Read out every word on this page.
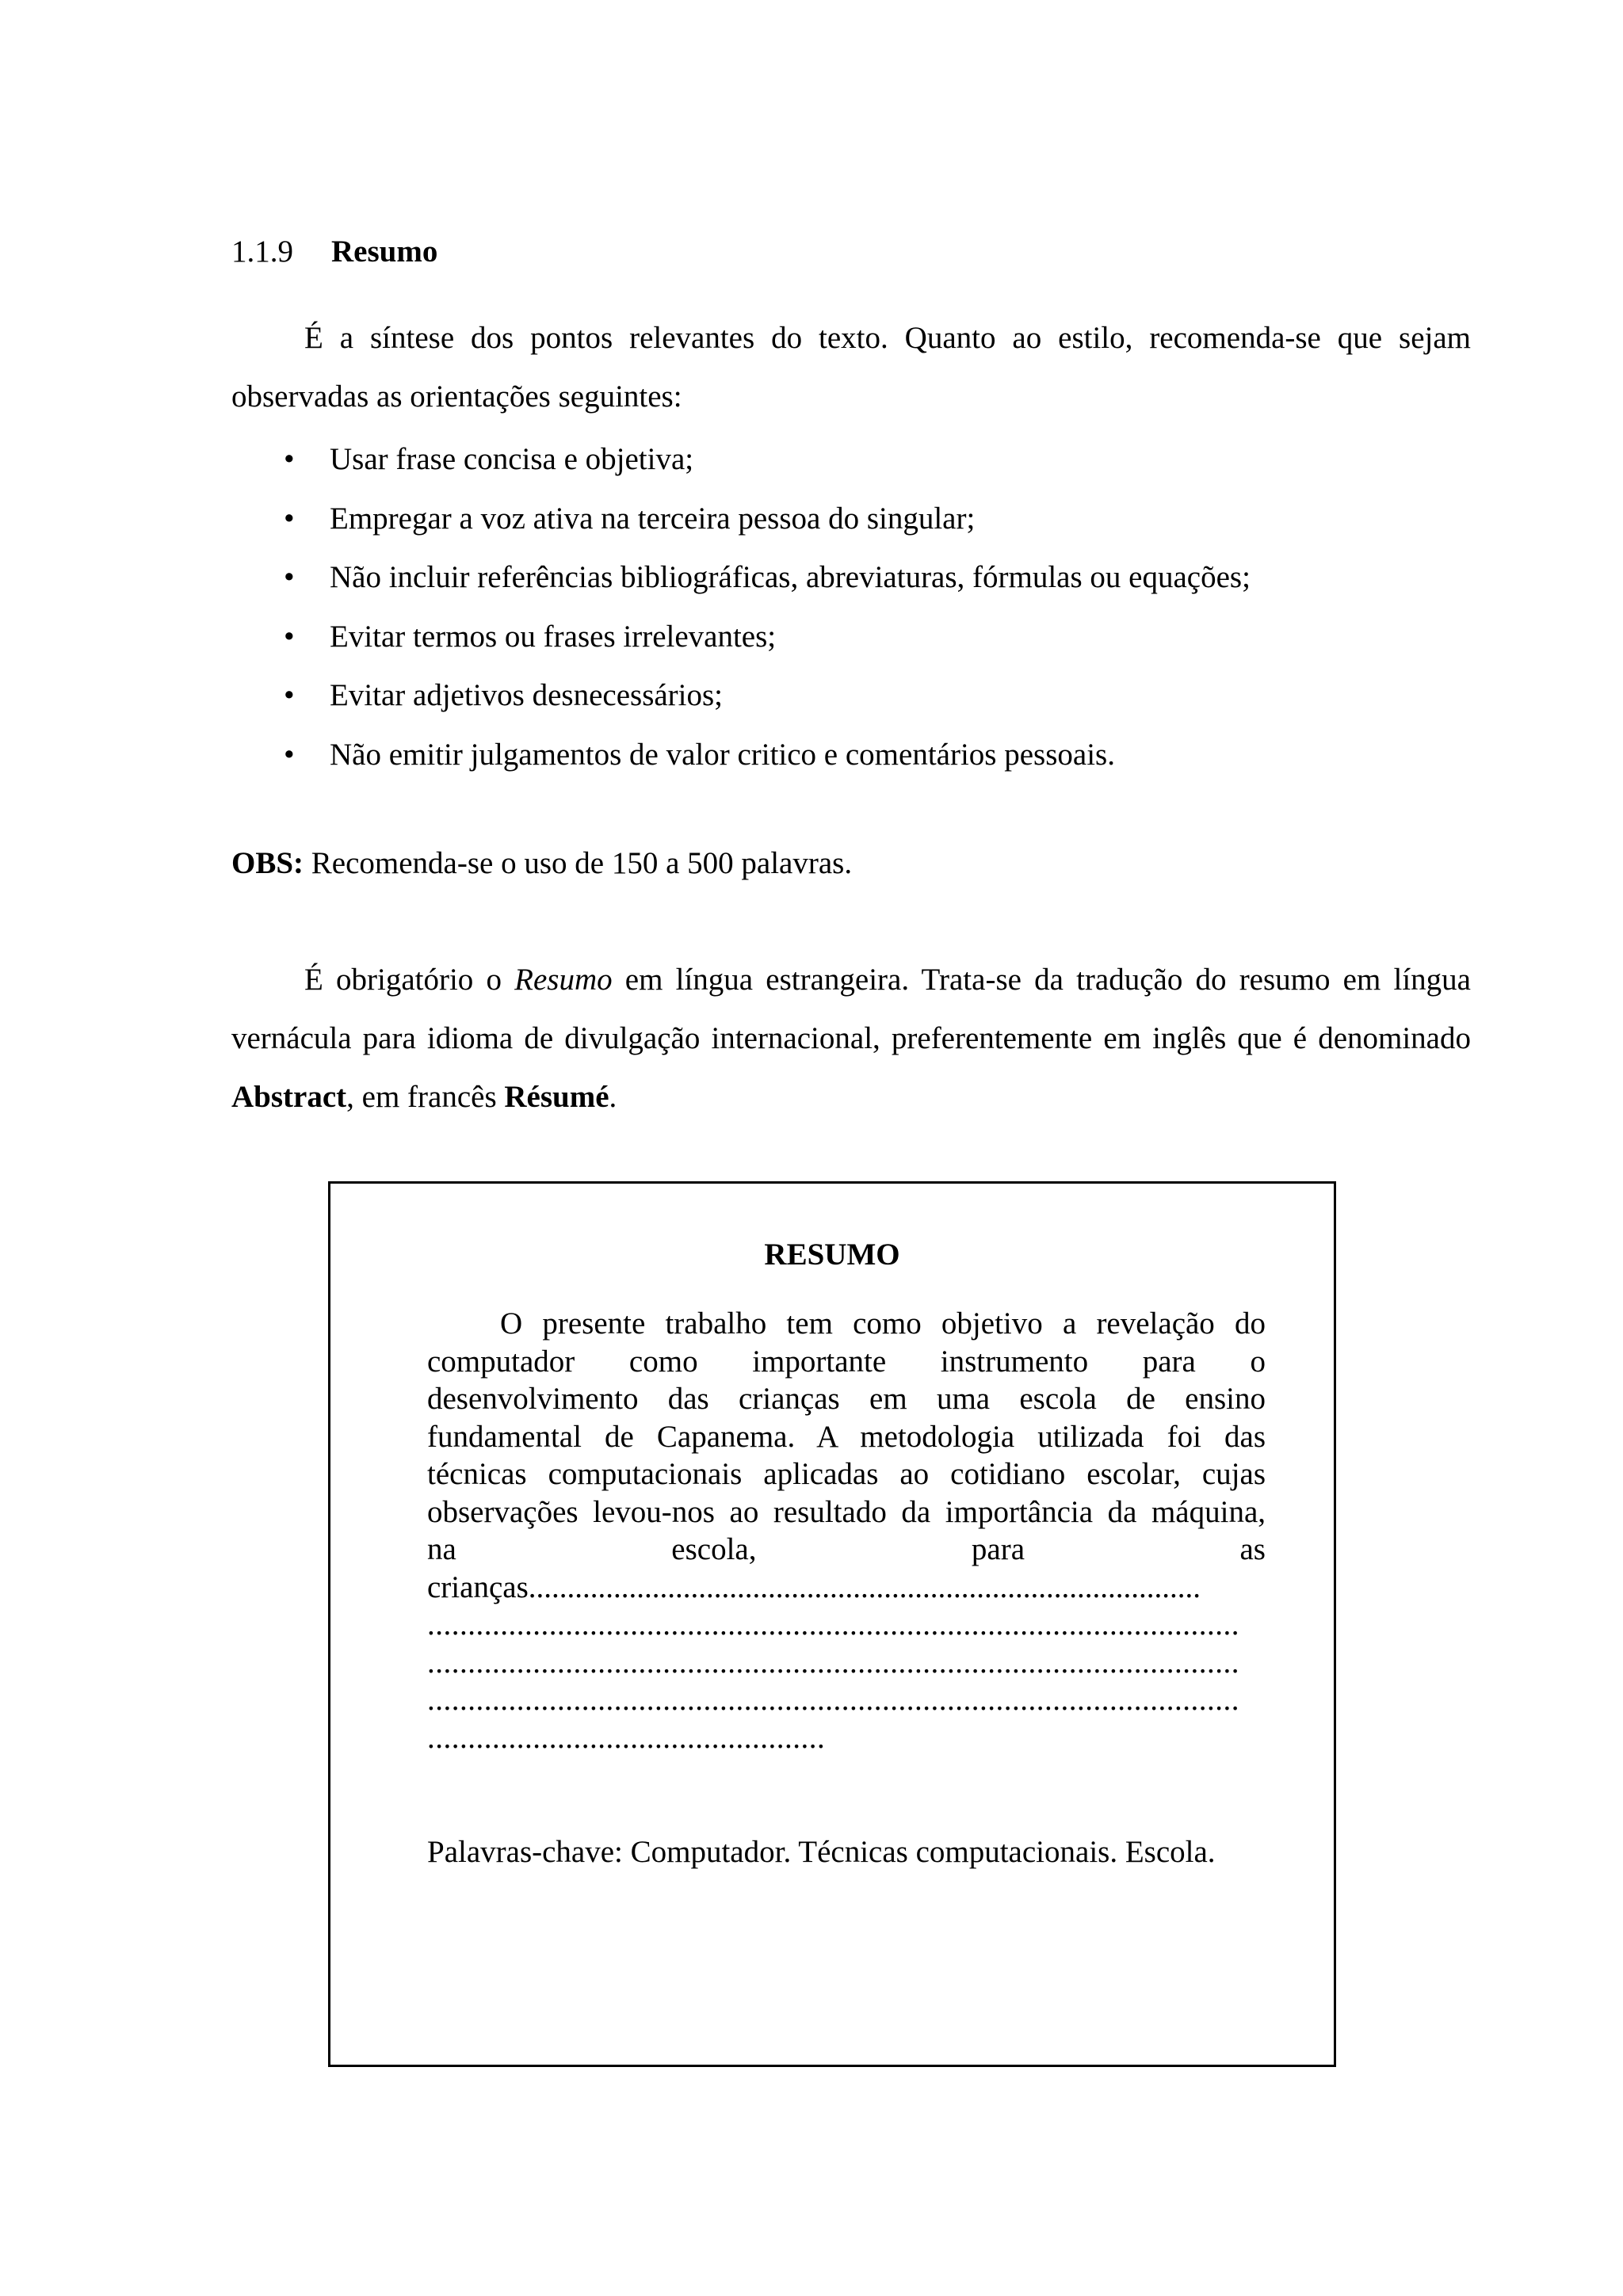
1.1.9 Resumo

É a síntese dos pontos relevantes do texto. Quanto ao estilo, recomenda-se que sejam observadas as orientações seguintes:

• Usar frase concisa e objetiva;
• Empregar a voz ativa na terceira pessoa do singular;
• Não incluir referências bibliográficas, abreviaturas, fórmulas ou equações;
• Evitar termos ou frases irrelevantes;
• Evitar adjetivos desnecessários;
• Não emitir julgamentos de valor critico e comentários pessoais.
OBS: Recomenda-se o uso de 150 a 500 palavras.

É obrigatório o Resumo em língua estrangeira. Trata-se da tradução do resumo em língua vernácula para idioma de divulgação internacional, preferentemente em inglês que é denominado Abstract, em francês Résumé.

RESUMO
O presente trabalho tem como objetivo a revelação do
computador como importante instrumento para o
desenvolvimento das crianças em uma escola de ensino
fundamental de Capanema. A metodologia utilizada foi das
técnicas computacionais aplicadas ao cotidiano escolar, cujas
observações levou-nos ao resultado da importância da máquina,
na escola, para as
crianças.......................................................................................
....................................................................................................
....................................................................................................
....................................................................................................
.................................................
Palavras-chave: Computador. Técnicas computacionais. Escola.
